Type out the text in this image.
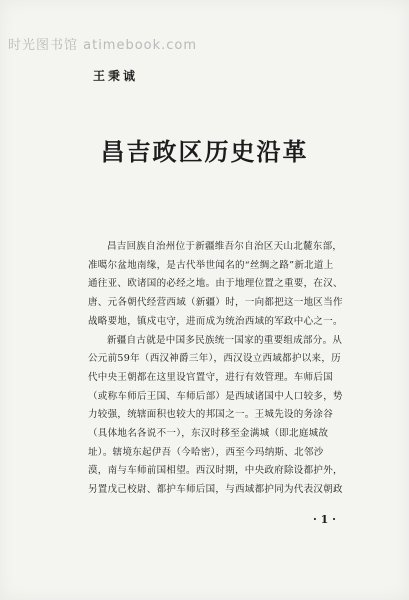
时光图书馆 atimebook.com
王秉诚
昌吉政区历史沿革
昌吉回族自治州位于新疆维吾尔自治区天山北麓东部，
准噶尔盆地南缘，是古代举世闻名的“丝绸之路”新北道上
通往亚、欧诸国的必经之地。由于地理位置之重要，在汉、
唐、元各朝代经营西域（新疆）时，一向都把这一地区当作
战略要地，镇戍屯守，进而成为统治西域的军政中心之一。
新疆自古就是中国多民族统一国家的重要组成部分。从
公元前59年（西汉神爵三年），西汉设立西域都护以来，历
代中央王朝都在这里设官置守，进行有效管理。车师后国
（或称车师后王国、车师后部）是西域诸国中人口较多，势
力较强，统辖面积也较大的邦国之一。王城先设的务涂谷
（具体地名各说不一），东汉时移至金满城（即北庭城故
址）。辖境东起伊吾（今哈密），西至今玛纳斯、北邻沙
漠，南与车师前国相望。西汉时期，中央政府除设都护外，
另置戊己校尉、都护车师后国，与西域都护同为代表汉朝政
· 1 ·
